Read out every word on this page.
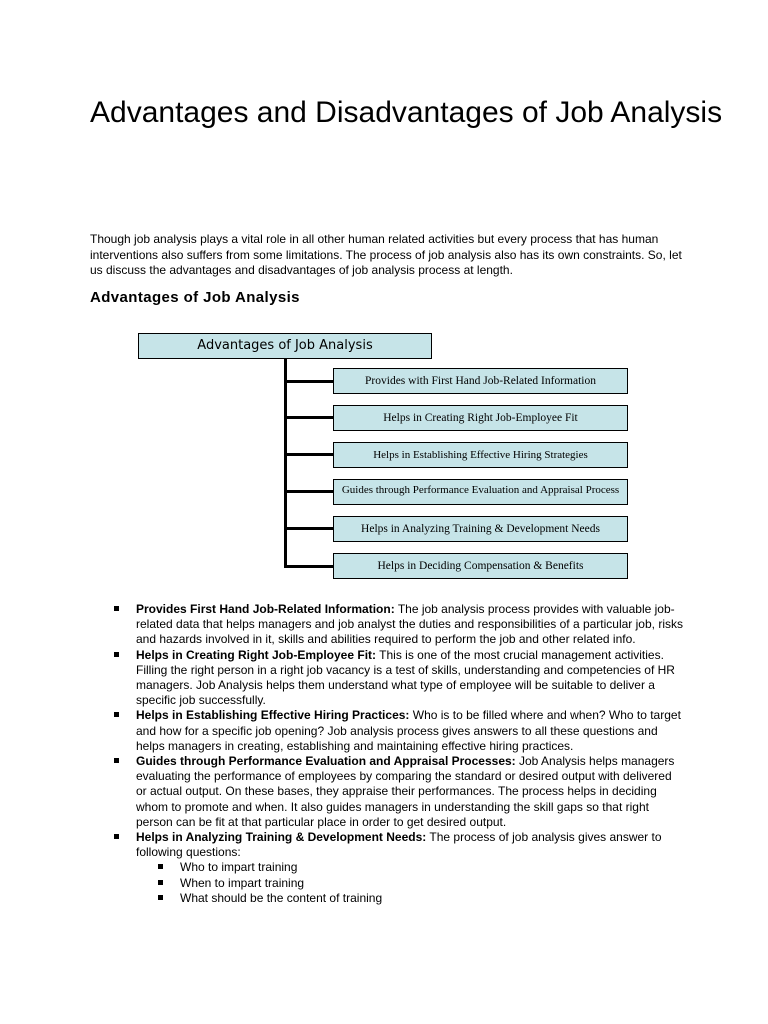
Advantages and Disadvantages of Job Analysis

Though job analysis plays a vital role in all other human related activities but every process that has human interventions also suffers from some limitations. The process of job analysis also has its own constraints. So, let us discuss the advantages and disadvantages of job analysis process at length.

Advantages of Job Analysis
Advantages of Job Analysis
Provides with First Hand Job-Related Information
Helps in Creating Right Job-Employee Fit
Helps in Establishing Effective Hiring Strategies
Guides through Performance Evaluation and Appraisal Process
Helps in Analyzing Training & Development Needs
Helps in Deciding Compensation & Benefits
Provides First Hand Job-Related Information: The job analysis process provides with valuable job-related data that helps managers and job analyst the duties and responsibilities of a particular job, risks and hazards involved in it, skills and abilities required to perform the job and other related info.
Helps in Creating Right Job-Employee Fit: This is one of the most crucial management activities. Filling the right person in a right job vacancy is a test of skills, understanding and competencies of HR managers. Job Analysis helps them understand what type of employee will be suitable to deliver a specific job successfully.
Helps in Establishing Effective Hiring Practices: Who is to be filled where and when? Who to target and how for a specific job opening? Job analysis process gives answers to all these questions and helps managers in creating, establishing and maintaining effective hiring practices.
Guides through Performance Evaluation and Appraisal Processes: Job Analysis helps managers evaluating the performance of employees by comparing the standard or desired output with delivered or actual output. On these bases, they appraise their performances. The process helps in deciding whom to promote and when. It also guides managers in understanding the skill gaps so that right person can be fit at that particular place in order to get desired output.
Helps in Analyzing Training & Development Needs: The process of job analysis gives answer to following questions:
Who to impart training
When to impart training
What should be the content of training
